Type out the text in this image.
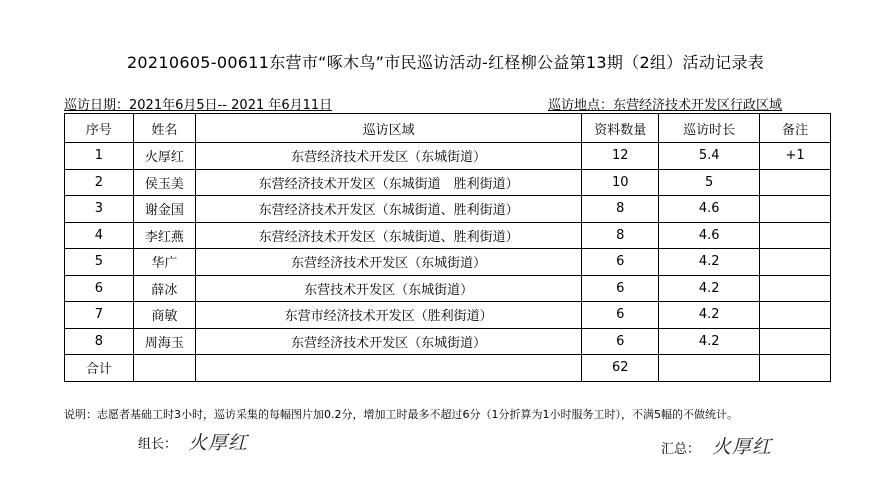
20210605-00611东营市“啄木鸟”市民巡访活动-红柽柳公益第13期（2组）活动记录表
巡访日期：2021年6月5日-- 2021 年6月11日	巡访地点：东营经济技术开发区行政区域
序号	姓名	巡访区域	资料数量	巡访时长	备注
1	火厚红	东营经济技术开发区（东城街道）	12	5.4	+1
2	侯玉美	东营经济技术开发区（东城街道　胜利街道）	10	5	
3	谢金国	东营经济技术开发区（东城街道、胜利街道）	8	4.6	
4	李红燕	东营经济技术开发区（东城街道、胜利街道）	8	4.6	
5	华广	东营经济技术开发区（东城街道）	6	4.2	
6	薛冰	东营技术开发区（东城街道）	6	4.2	
7	商敏	东营市经济技术开发区（胜利街道）	6	4.2	
8	周海玉	东营经济技术开发区（东城街道）	6	4.2	
合计			62		
说明：志愿者基础工时3小时，巡访采集的每幅图片加0.2分，增加工时最多不超过6分（1分折算为1小时服务工时），不满5幅的不做统计。
组长： 火厚红	汇总： 火厚红
